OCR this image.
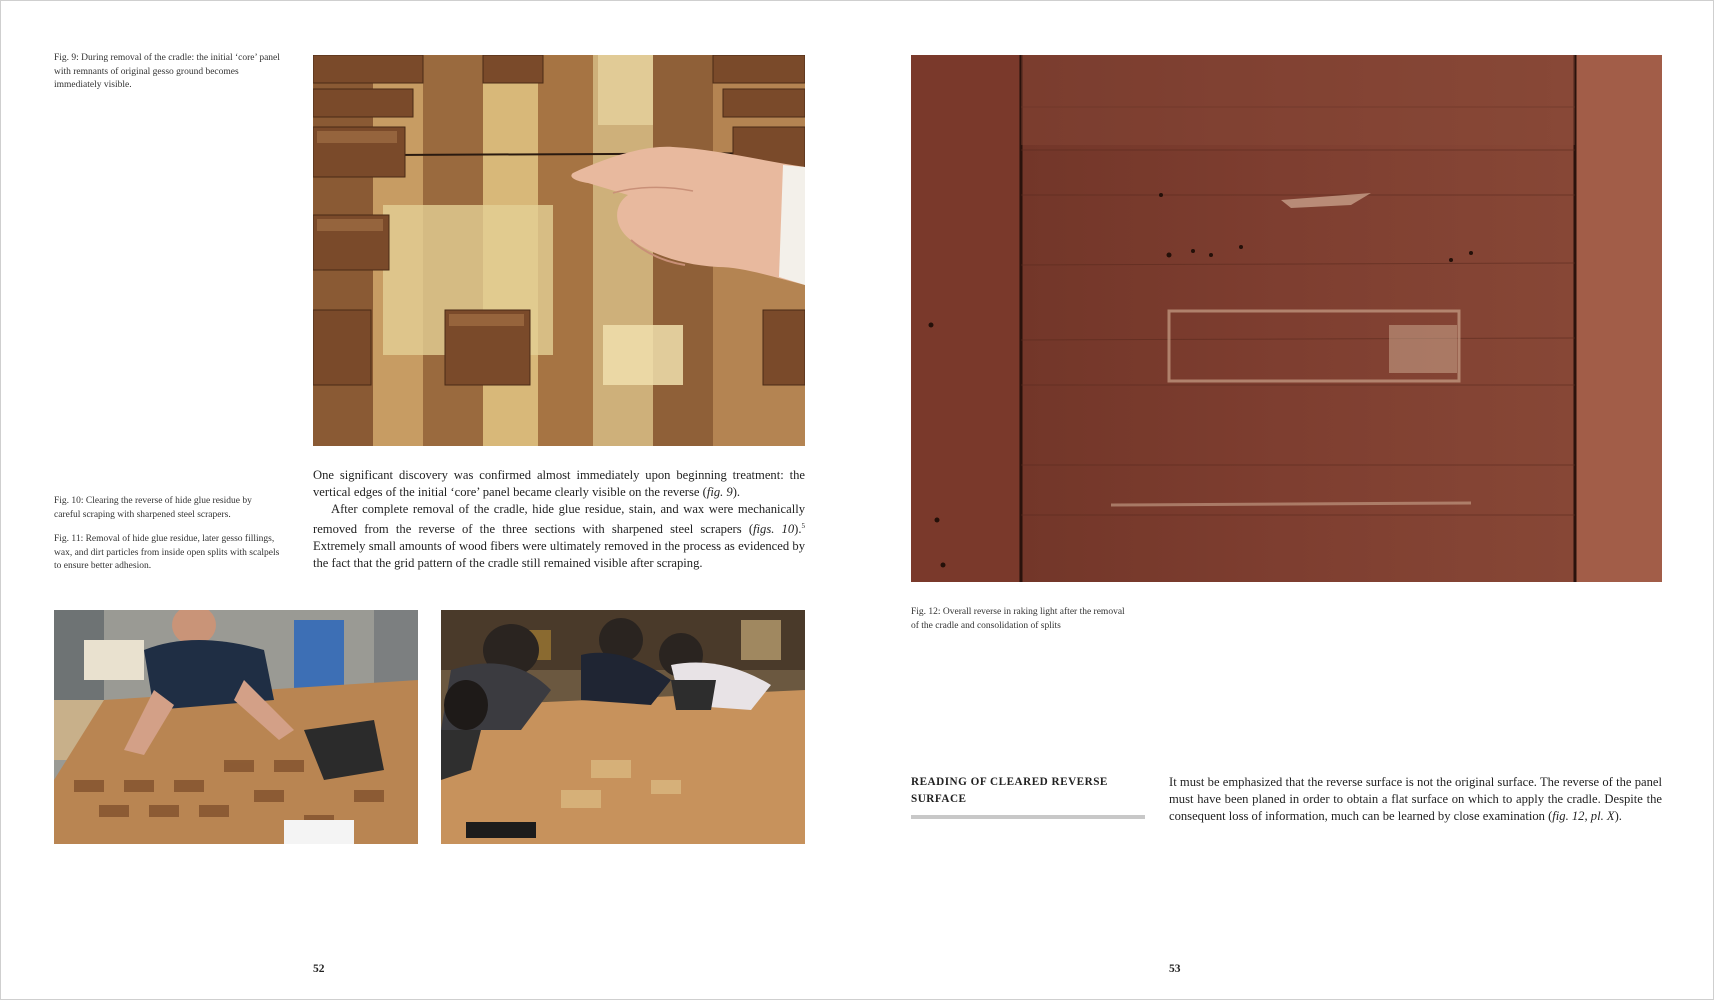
Fig. 9: During removal of the cradle: the initial ‘core’ panel with remnants of original gesso ground becomes immediately visible.
Fig. 10: Clearing the reverse of hide glue residue by careful scraping with sharpened steel scrapers.
Fig. 11: Removal of hide glue residue, later gesso fillings, wax, and dirt particles from inside open splits with scalpels to ensure better adhesion.

One significant discovery was confirmed almost immediately upon beginning treatment: the vertical edges of the initial ‘core’ panel became clearly visible on the reverse (fig. 9).

After complete removal of the cradle, hide glue residue, stain, and wax were mechanically removed from the reverse of the three sections with sharpened steel scrapers (figs. 10).$^5$ Extremely small amounts of wood fibers were ultimately removed in the process as evidenced by the fact that the grid pattern of the cradle still remained visible after scraping.

52
Fig. 12: Overall reverse in raking light after the removal of the cradle and consolidation of splits
READING OF CLEARED REVERSE SURFACE

It must be emphasized that the reverse surface is not the original surface. The reverse of the panel must have been planed in order to obtain a flat surface on which to apply the cradle. Despite the consequent loss of information, much can be learned by close examination (fig. 12, pl. X).

53
